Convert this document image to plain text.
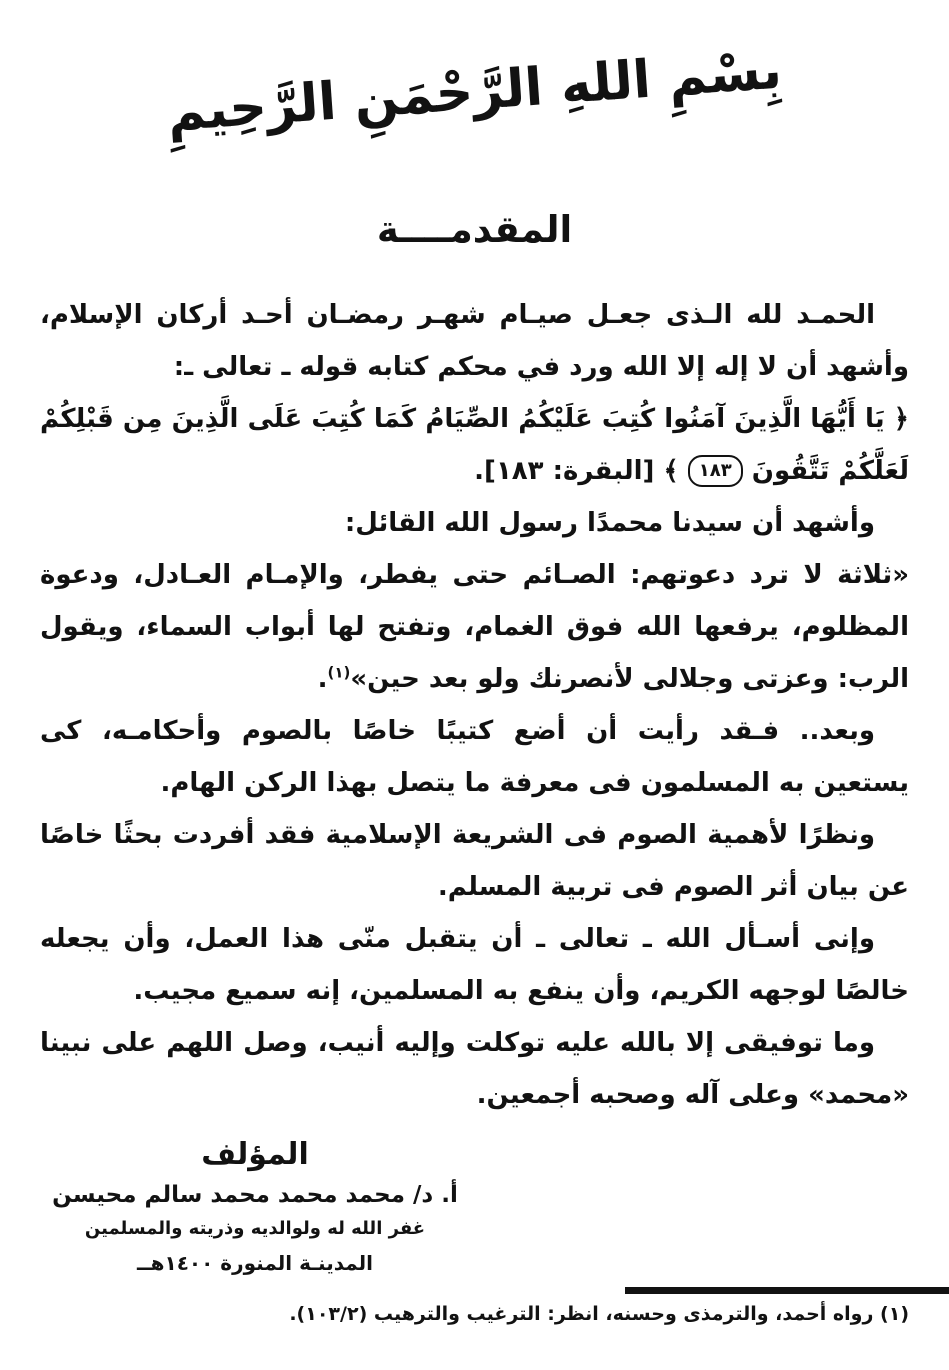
بِسْمِ اللهِ الرَّحْمَنِ الرَّحِيمِ
المقدمــــة

الحمـد لله الـذى جعـل صيـام شهـر رمضـان أحـد أركان الإسلام، وأشهد أن لا إله إلا الله ورد في محكم كتابه قوله ـ تعالى ـ:

﴿ يَا أَيُّهَا الَّذِينَ آمَنُوا كُتِبَ عَلَيْكُمُ الصِّيَامُ كَمَا كُتِبَ عَلَى الَّذِينَ مِن قَبْلِكُمْ لَعَلَّكُمْ تَتَّقُونَ ١٨٣ ﴾ [البقرة: ١٨٣].

وأشهد أن سيدنا محمدًا رسول الله القائل:

«ثلاثة لا ترد دعوتهم: الصـائم حتى يفطر، والإمـام العـادل، ودعوة المظلوم، يرفعها الله فوق الغمام، وتفتح لها أبواب السماء، ويقول الرب: وعزتى وجلالى لأنصرنك ولو بعد حين»$^{(١)}$.

وبعد.. فـقد رأيت أن أضع كتيبًا خاصًا بالصوم وأحكامـه، كى يستعين به المسلمون فى معرفة ما يتصل بهذا الركن الهام.

ونظرًا لأهمية الصوم فى الشريعة الإسلامية فقد أفردت بحثًا خاصًا عن بيان أثر الصوم فى تربية المسلم.

وإنى أسـأل الله ـ تعالى ـ أن يتقبل منّى هذا العمل، وأن يجعله خالصًا لوجهه الكريم، وأن ينفع به المسلمين، إنه سميع مجيب.

وما توفيقى إلا بالله عليه توكلت وإليه أنيب، وصل اللهم على نبينا «محمد» وعلى آله وصحبه أجمعين.

المؤلف
أ. د/ محمد محمد محمد سالم محيسن
غفر الله له ولوالديه وذريته والمسلمين
المدينـة المنورة ١٤٠٠هــ
(١) رواه أحمد، والترمذى وحسنه، انظر: الترغيب والترهيب (١٠٣/٢).
